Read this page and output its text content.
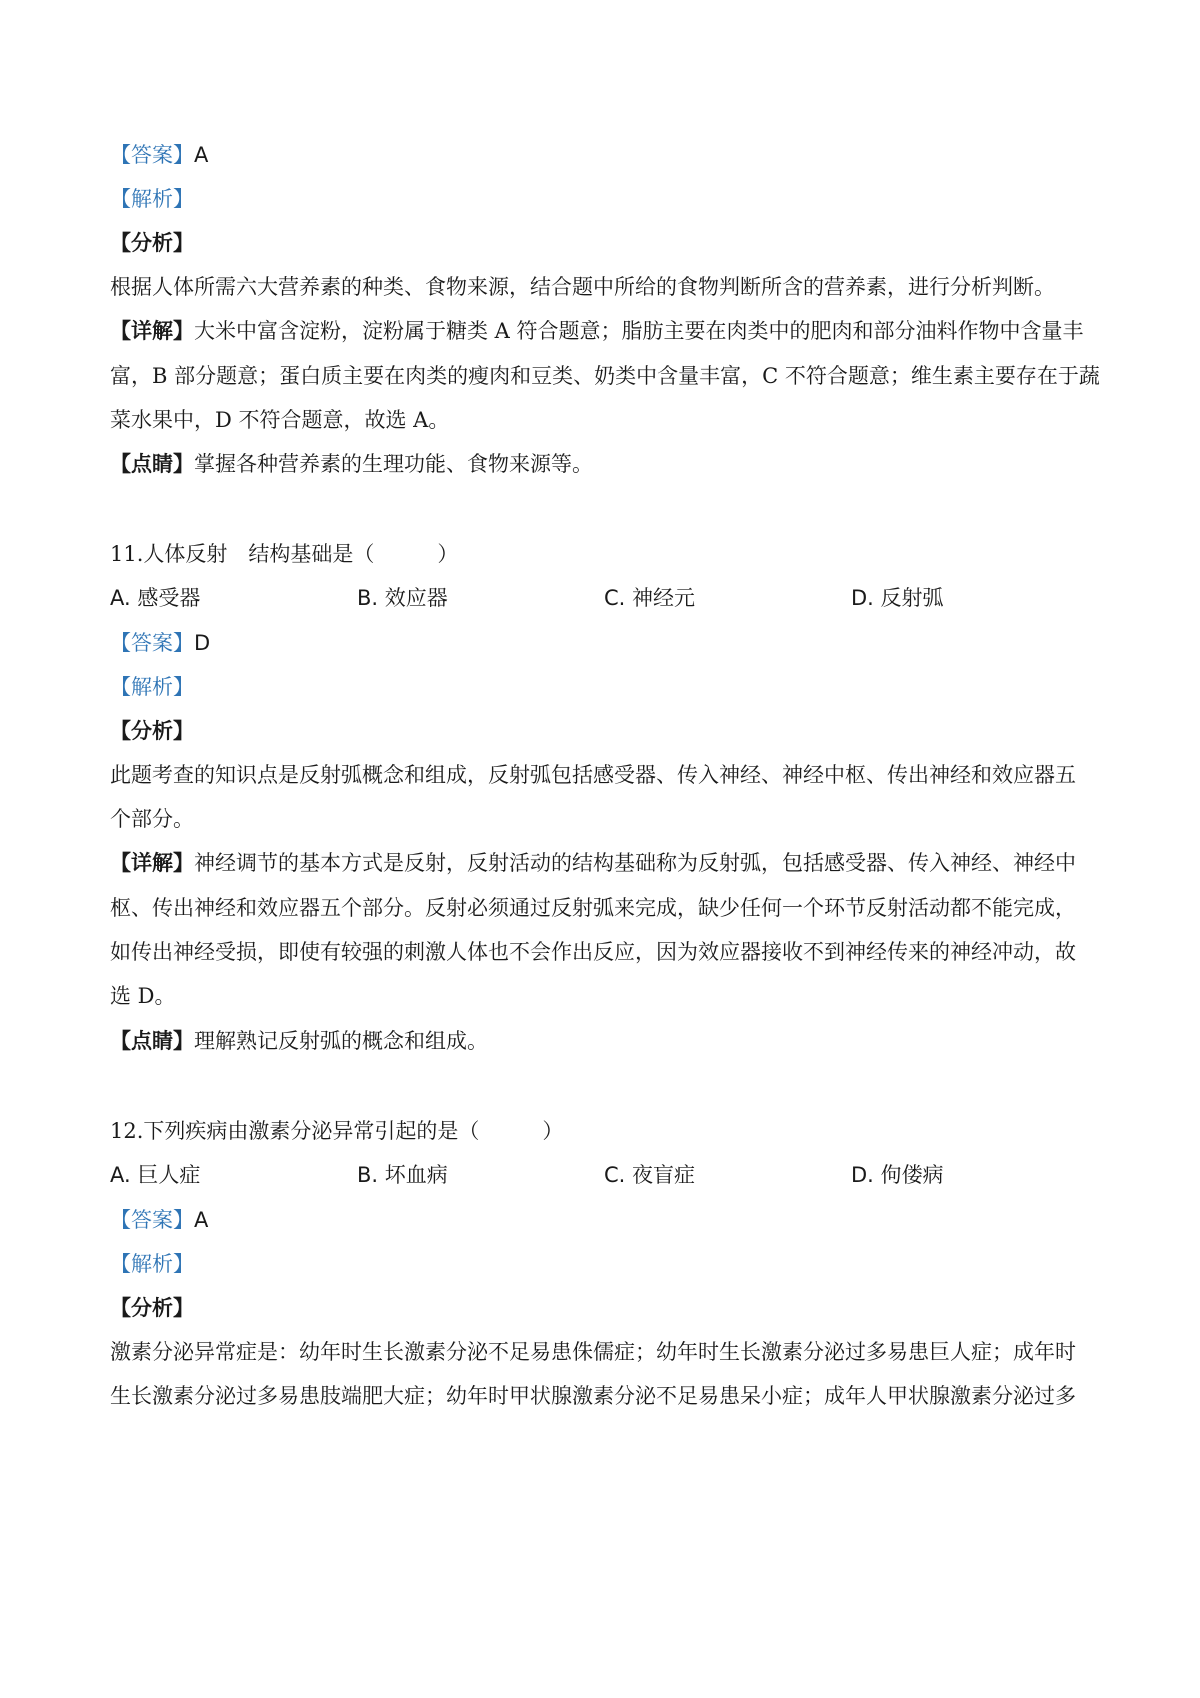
【答案】A
【解析】
【分析】
根据人体所需六大营养素的种类、食物来源，结合题中所给的食物判断所含的营养素，进行分析判断。
【详解】大米中富含淀粉，淀粉属于糖类 A 符合题意；脂肪主要在肉类中的肥肉和部分油料作物中含量丰
富，B 部分题意；蛋白质主要在肉类的瘦肉和豆类、奶类中含量丰富，C 不符合题意；维生素主要存在于蔬
菜水果中，D 不符合题意，故选 A。
【点睛】掌握各种营养素的生理功能、食物来源等。
11.人体反射　结构基础是（　　　）
A. 感受器	B. 效应器	C. 神经元	D. 反射弧
【答案】D
【解析】
【分析】
此题考查的知识点是反射弧概念和组成，反射弧包括感受器、传入神经、神经中枢、传出神经和效应器五
个部分。
【详解】神经调节的基本方式是反射，反射活动的结构基础称为反射弧，包括感受器、传入神经、神经中
枢、传出神经和效应器五个部分。反射必须通过反射弧来完成，缺少任何一个环节反射活动都不能完成，
如传出神经受损，即使有较强的刺激人体也不会作出反应，因为效应器接收不到神经传来的神经冲动，故
选 D。
【点睛】理解熟记反射弧的概念和组成。
12.下列疾病由激素分泌异常引起的是（　　　）
A. 巨人症	B. 坏血病	C. 夜盲症	D. 佝偻病
【答案】A
【解析】
【分析】
激素分泌异常症是：幼年时生长激素分泌不足易患侏儒症；幼年时生长激素分泌过多易患巨人症；成年时
生长激素分泌过多易患肢端肥大症；幼年时甲状腺激素分泌不足易患呆小症；成年人甲状腺激素分泌过多
